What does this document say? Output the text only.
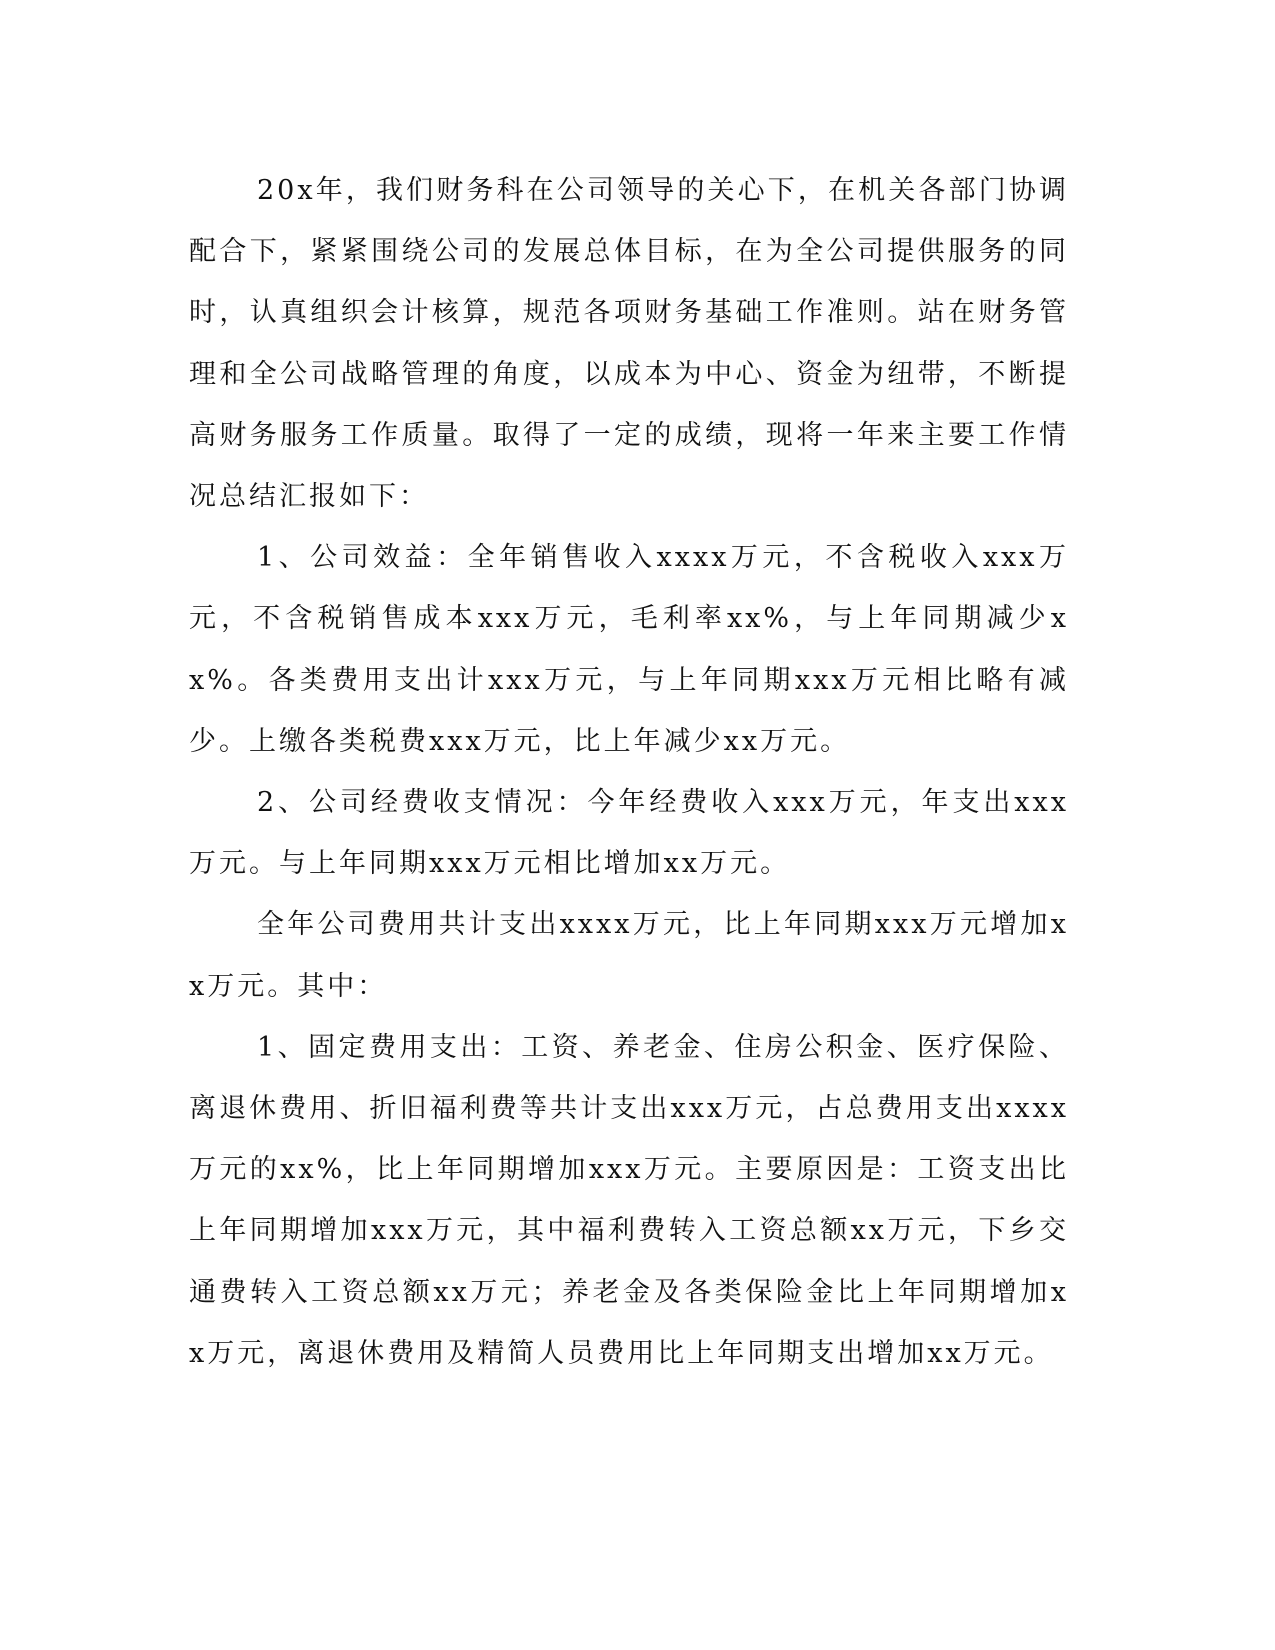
20x年，我们财务科在公司领导的关心下，在机关各部门协调配合下，紧紧围绕公司的发展总体目标，在为全公司提供服务的同时，认真组织会计核算，规范各项财务基础工作准则。站在财务管理和全公司战略管理的角度，以成本为中心、资金为纽带，不断提高财务服务工作质量。取得了一定的成绩，现将一年来主要工作情况总结汇报如下：

1、公司效益：全年销售收入xxxx万元，不含税收入xxx万元，不含税销售成本xxx万元，毛利率xx%，与上年同期减少xx%。各类费用支出计xxx万元，与上年同期xxx万元相比略有减少。上缴各类税费xxx万元，比上年减少xx万元。

2、公司经费收支情况：今年经费收入xxx万元，年支出xxx万元。与上年同期xxx万元相比增加xx万元。

全年公司费用共计支出xxxx万元，比上年同期xxx万元增加xx万元。其中：

1、固定费用支出：工资、养老金、住房公积金、医疗保险、离退休费用、折旧福利费等共计支出xxx万元，占总费用支出xxxx万元的xx%，比上年同期增加xxx万元。主要原因是：工资支出比上年同期增加xxx万元，其中福利费转入工资总额xx万元，下乡交通费转入工资总额xx万元；养老金及各类保险金比上年同期增加xx万元，离退休费用及精简人员费用比上年同期支出增加xx万元。
